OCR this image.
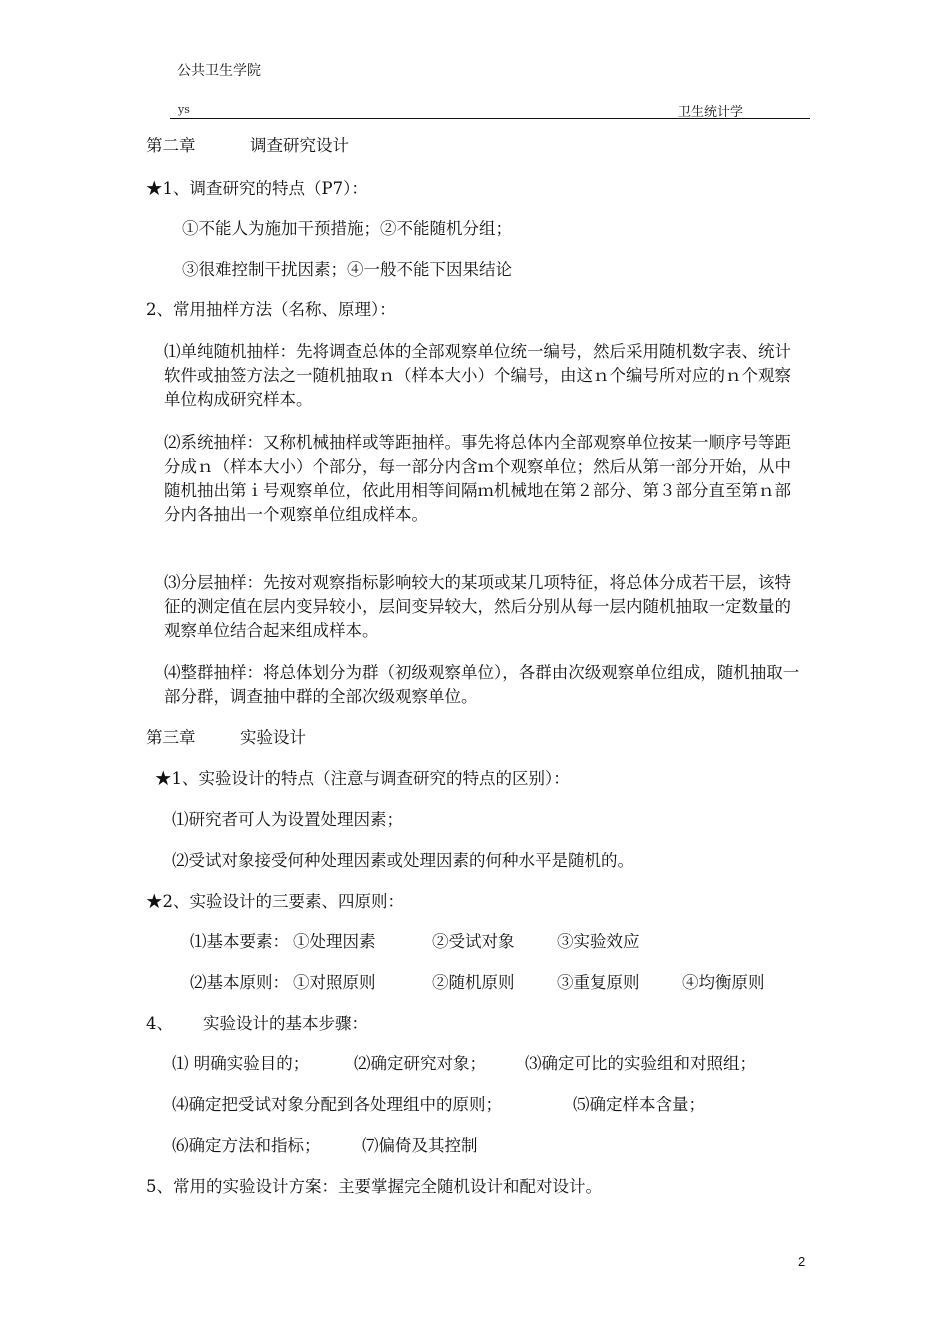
公共卫生学院
ys	卫生统计学
第二章	调查研究设计
★1、调查研究的特点（P7）：
①不能人为施加干预措施；②不能随机分组；
③很难控制干扰因素；④一般不能下因果结论
2、常用抽样方法（名称、原理）：
⑴单纯随机抽样：先将调查总体的全部观察单位统一编号，然后采用随机数字表、统计软件或抽签方法之一随机抽取ｎ（样本大小）个编号，由这ｎ个编号所对应的ｎ个观察单位构成研究样本。
⑵系统抽样：又称机械抽样或等距抽样。事先将总体内全部观察单位按某一顺序号等距分成ｎ（样本大小）个部分，每一部分内含ｍ个观察单位；然后从第一部分开始，从中随机抽出第ｉ号观察单位，依此用相等间隔ｍ机械地在第２部分、第３部分直至第ｎ部分内各抽出一个观察单位组成样本。
⑶分层抽样：先按对观察指标影响较大的某项或某几项特征，将总体分成若干层，该特征的测定值在层内变异较小，层间变异较大，然后分别从每一层内随机抽取一定数量的观察单位结合起来组成样本。
⑷整群抽样：将总体划分为群（初级观察单位），各群由次级观察单位组成，随机抽取一部分群，调查抽中群的全部次级观察单位。
第三章	实验设计
★1、实验设计的特点（注意与调查研究的特点的区别）：
⑴研究者可人为设置处理因素；
⑵受试对象接受何种处理因素或处理因素的何种水平是随机的。
★2、实验设计的三要素、四原则：
⑴基本要素： ①处理因素	②受试对象	③实验效应
⑵基本原则： ①对照原则	②随机原则	③重复原则	④均衡原则
4、 实验设计的基本步骤：
⑴ 明确实验目的；	⑵确定研究对象； ⑶确定可比的实验组和对照组；
⑷确定把受试对象分配到各处理组中的原则；	⑸确定样本含量；
⑹确定方法和指标；	⑺偏倚及其控制
5、常用的实验设计方案：主要掌握完全随机设计和配对设计。
2
